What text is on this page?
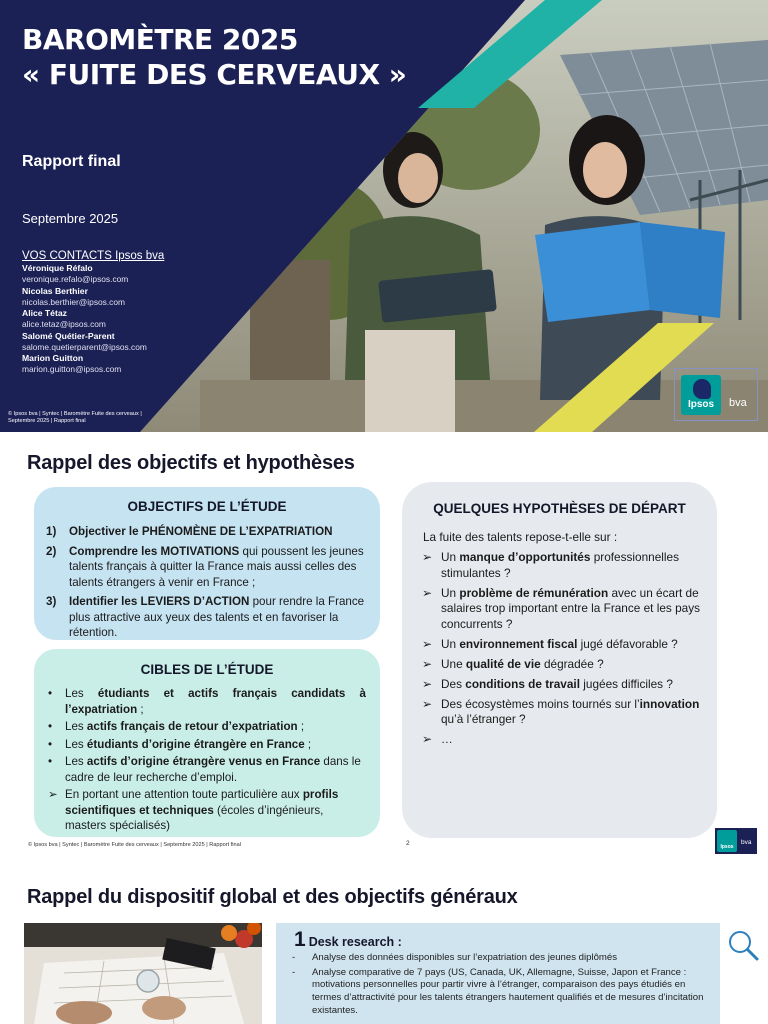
BAROMÈTRE 2025
« FUITE DES CERVEAUX »
Rapport final
Septembre 2025
VOS CONTACTS Ipsos bva
Véronique Réfalo
veronique.refalo@ipsos.com
Nicolas Berthier
nicolas.berthier@ipsos.com
Alice Tétaz
alice.tetaz@ipsos.com
Salomé Quétier-Parent
salome.quetierparent@ipsos.com
Marion Guitton
marion.guitton@ipsos.com
© Ipsos bva | Syntec | Baromètre Fuite des cerveaux | Septembre 2025 | Rapport final
Ipsos	bva
Rappel des objectifs et hypothèses
OBJECTIFS DE L’ÉTUDE
1)	Objectiver le PHÉNOMÈNE DE L’EXPATRIATION
2)	Comprendre les MOTIVATIONS qui poussent les jeunes talents français à quitter la France mais aussi celles des talents étrangers à venir en France ;
3)	Identifier les LEVIERS D’ACTION pour rendre la France plus attractive aux yeux des talents et en favoriser la rétention.
CIBLES DE L’ÉTUDE
•	Les étudiants et actifs français candidats à l’expatriation ;
•	Les actifs français de retour d’expatriation ;
•	Les étudiants d’origine étrangère en France ;
•	Les actifs d’origine étrangère venus en France dans le cadre de leur recherche d’emploi.
➢ En portant une attention toute particulière aux profils scientifiques et techniques (écoles d’ingénieurs, masters spécialisés)
QUELQUES HYPOTHÈSES DE DÉPART
La fuite des talents repose-t-elle sur :
➢ Un manque d’opportunités professionnelles stimulantes ?
➢ Un problème de rémunération avec un écart de salaires trop important entre la France et les pays concurrents ?
➢ Un environnement fiscal jugé défavorable ?
➢ Une qualité de vie dégradée ?
➢ Des conditions de travail jugées difficiles ?
➢ Des écosystèmes moins tournés sur l’innovation qu’à l’étranger ?
➢ …
© Ipsos bva | Syntec | Baromètre Fuite des cerveaux | Septembre 2025 | Rapport final	2	Ipsos
bva
Rappel du dispositif global et des objectifs généraux
1 Desk research :
-	Analyse des données disponibles sur l’expatriation des jeunes diplômés
-	Analyse comparative de 7 pays (US, Canada, UK, Allemagne, Suisse, Japon et France : motivations personnelles pour partir vivre à l’étranger, comparaison des pays étudiés en termes d’attractivité pour les talents étrangers hautement qualifiés et de mesures d’incitation existantes.
